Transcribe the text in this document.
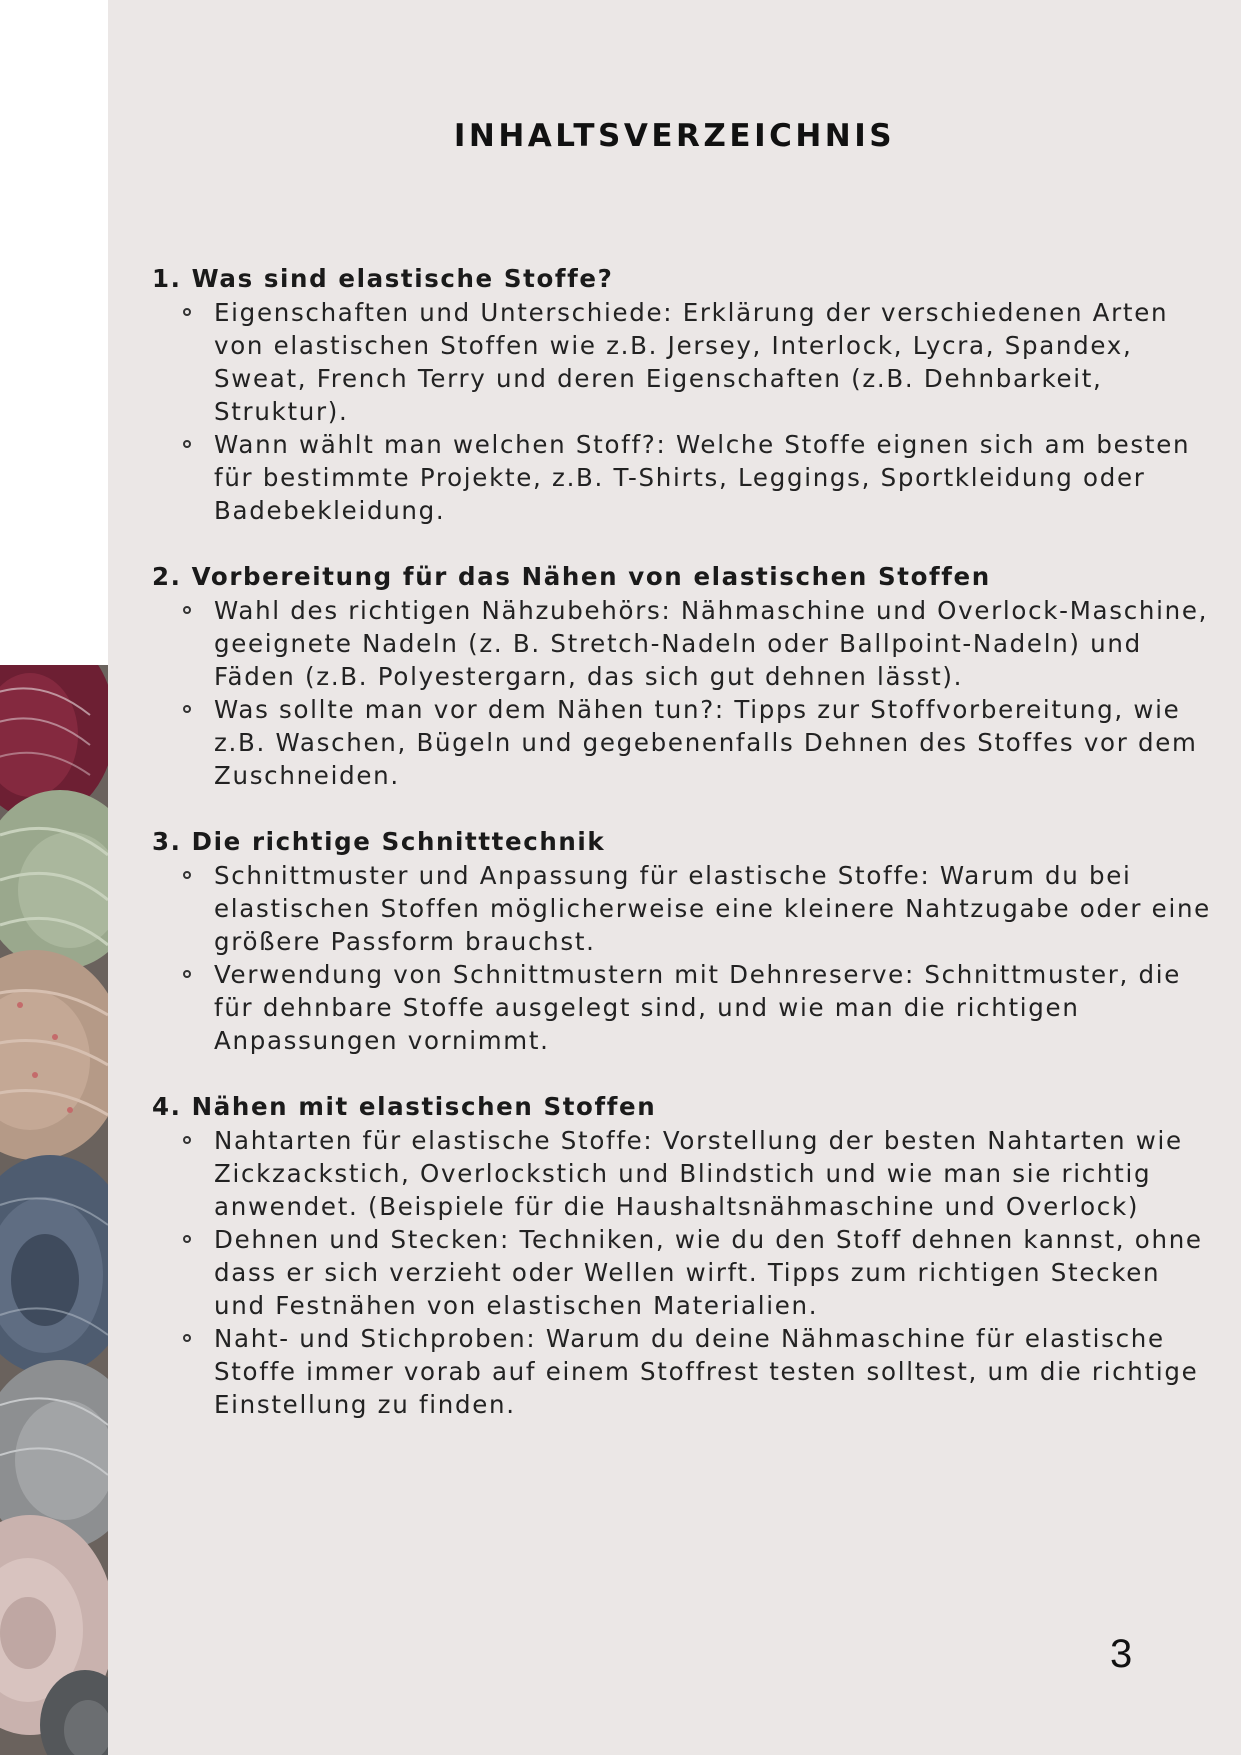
INHALTSVERZEICHNIS
1. Was sind elastische Stoffe?
Eigenschaften und Unterschiede: Erklärung der verschiedenen Arten von elastischen Stoffen wie z.B. Jersey, Interlock, Lycra, Spandex, Sweat, French Terry und deren Eigenschaften (z.B. Dehnbarkeit, Struktur).
Wann wählt man welchen Stoff?: Welche Stoffe eignen sich am besten für bestimmte Projekte, z.B. T-Shirts, Leggings, Sportkleidung oder Badebekleidung.
2. Vorbereitung für das Nähen von elastischen Stoffen
Wahl des richtigen Nähzubehörs: Nähmaschine und Overlock-Maschine, geeignete Nadeln (z. B. Stretch-Nadeln oder Ballpoint-Nadeln) und Fäden (z.B. Polyestergarn, das sich gut dehnen lässt).
Was sollte man vor dem Nähen tun?: Tipps zur Stoffvorbereitung, wie z.B. Waschen, Bügeln und gegebenenfalls Dehnen des Stoffes vor dem Zuschneiden.
3. Die richtige Schnitttechnik
Schnittmuster und Anpassung für elastische Stoffe: Warum du bei elastischen Stoffen möglicherweise eine kleinere Nahtzugabe oder eine größere Passform brauchst.
Verwendung von Schnittmustern mit Dehnreserve: Schnittmuster, die für dehnbare Stoffe ausgelegt sind, und wie man die richtigen Anpassungen vornimmt.
4. Nähen mit elastischen Stoffen
Nahtarten für elastische Stoffe: Vorstellung der besten Nahtarten wie Zickzackstich, Overlockstich und Blindstich und wie man sie richtig anwendet. (Beispiele für die Haushaltsnähmaschine und Overlock)
Dehnen und Stecken: Techniken, wie du den Stoff dehnen kannst, ohne dass er sich verzieht oder Wellen wirft. Tipps zum richtigen Stecken und Festnähen von elastischen Materialien.
Naht- und Stichproben: Warum du deine Nähmaschine für elastische Stoffe immer vorab auf einem Stoffrest testen solltest, um die richtige Einstellung zu finden.
3
